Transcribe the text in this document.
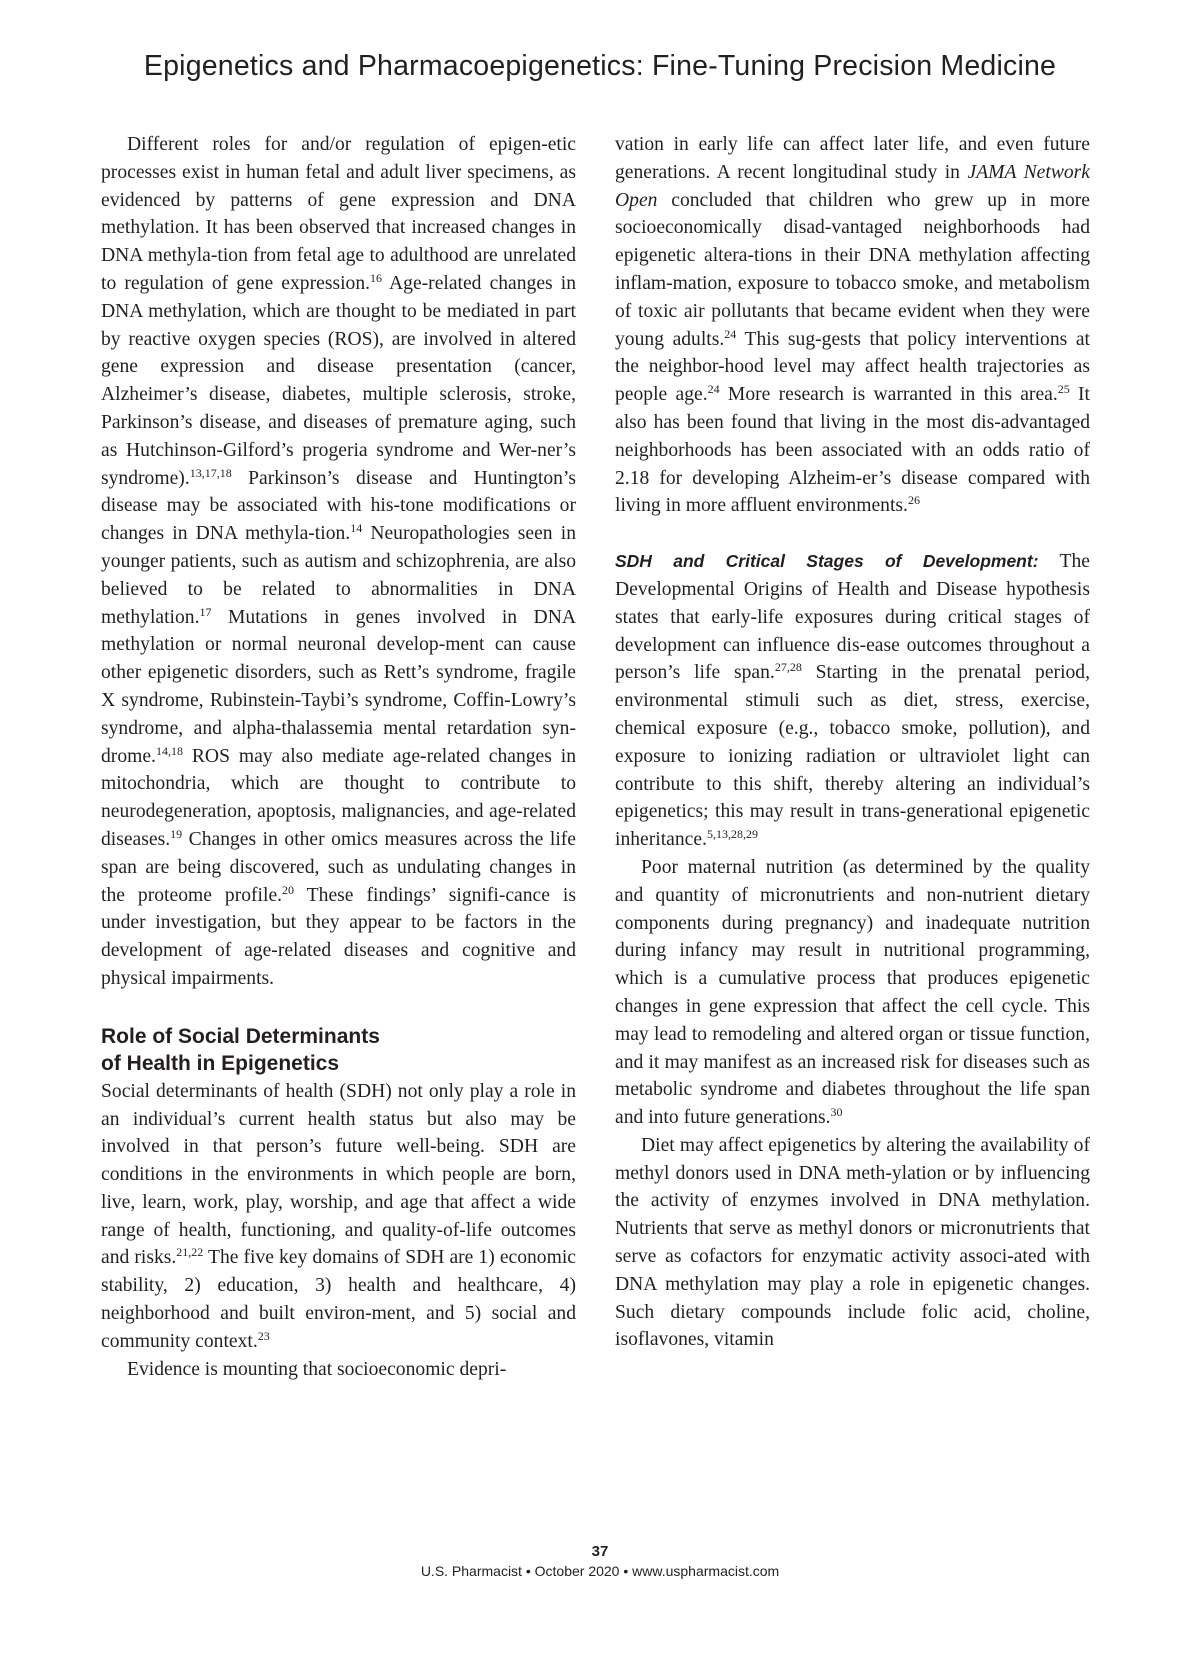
Epigenetics and Pharmacoepigenetics: Fine-Tuning Precision Medicine

Different roles for and/or regulation of epigen-etic processes exist in human fetal and adult liver specimens, as evidenced by patterns of gene expression and DNA methylation. It has been observed that increased changes in DNA methyla-tion from fetal age to adulthood are unrelated to regulation of gene expression.$^{16}$ Age-related changes in DNA methylation, which are thought to be mediated in part by reactive oxygen species (ROS), are involved in altered gene expression and disease presentation (cancer, Alzheimer’s disease, diabetes, multiple sclerosis, stroke, Parkinson’s disease, and diseases of premature aging, such as Hutchinson-Gilford’s progeria syndrome and Wer-ner’s syndrome).$^{13,17,18}$ Parkinson’s disease and Huntington’s disease may be associated with his-tone modifications or changes in DNA methyla-tion.$^{14}$ Neuropathologies seen in younger patients, such as autism and schizophrenia, are also believed to be related to abnormalities in DNA methylation.$^{17}$ Mutations in genes involved in DNA methylation or normal neuronal develop-ment can cause other epigenetic disorders, such as Rett’s syndrome, fragile X syndrome, Rubinstein-Taybi’s syndrome, Coffin-Lowry’s syndrome, and alpha-thalassemia mental retardation syn-drome.$^{14,18}$ ROS may also mediate age-related changes in mitochondria, which are thought to contribute to neurodegeneration, apoptosis, malignancies, and age-related diseases.$^{19}$ Changes in other omics measures across the life span are being discovered, such as undulating changes in the proteome profile.$^{20}$ These findings’ signifi-cance is under investigation, but they appear to be factors in the development of age-related diseases and cognitive and physical impairments.

Role of Social Determinants
of Health in Epigenetics

Social determinants of health (SDH) not only play a role in an individual’s current health status but also may be involved in that person’s future well-being. SDH are conditions in the environments in which people are born, live, learn, work, play, worship, and age that affect a wide range of health, functioning, and quality-of-life outcomes and risks.$^{21,22}$ The five key domains of SDH are 1) economic stability, 2) education, 3) health and healthcare, 4) neighborhood and built environ-ment, and 5) social and community context.$^{23}$

Evidence is mounting that socioeconomic depri-

vation in early life can affect later life, and even future generations. A recent longitudinal study in JAMA Network Open concluded that children who grew up in more socioeconomically disad-vantaged neighborhoods had epigenetic altera-tions in their DNA methylation affecting inflam-mation, exposure to tobacco smoke, and metabolism of toxic air pollutants that became evident when they were young adults.$^{24}$ This sug-gests that policy interventions at the neighbor-hood level may affect health trajectories as people age.$^{24}$ More research is warranted in this area.$^{25}$ It also has been found that living in the most dis-advantaged neighborhoods has been associated with an odds ratio of 2.18 for developing Alzheim-er’s disease compared with living in more affluent environments.$^{26}$

SDH and Critical Stages of Development: The Developmental Origins of Health and Disease hypothesis states that early-life exposures during critical stages of development can influence dis-ease outcomes throughout a person’s life span.$^{27,28}$ Starting in the prenatal period, environmental stimuli such as diet, stress, exercise, chemical exposure (e.g., tobacco smoke, pollution), and exposure to ionizing radiation or ultraviolet light can contribute to this shift, thereby altering an individual’s epigenetics; this may result in trans-generational epigenetic inheritance.$^{5,13,28,29}$

Poor maternal nutrition (as determined by the quality and quantity of micronutrients and non-nutrient dietary components during pregnancy) and inadequate nutrition during infancy may result in nutritional programming, which is a cumulative process that produces epigenetic changes in gene expression that affect the cell cycle. This may lead to remodeling and altered organ or tissue function, and it may manifest as an increased risk for diseases such as metabolic syndrome and diabetes throughout the life span and into future generations.$^{30}$

Diet may affect epigenetics by altering the availability of methyl donors used in DNA meth-ylation or by influencing the activity of enzymes involved in DNA methylation. Nutrients that serve as methyl donors or micronutrients that serve as cofactors for enzymatic activity associ-ated with DNA methylation may play a role in epigenetic changes. Such dietary compounds include folic acid, choline, isoflavones, vitamin

37
U.S. Pharmacist • October 2020 • www.uspharmacist.com
